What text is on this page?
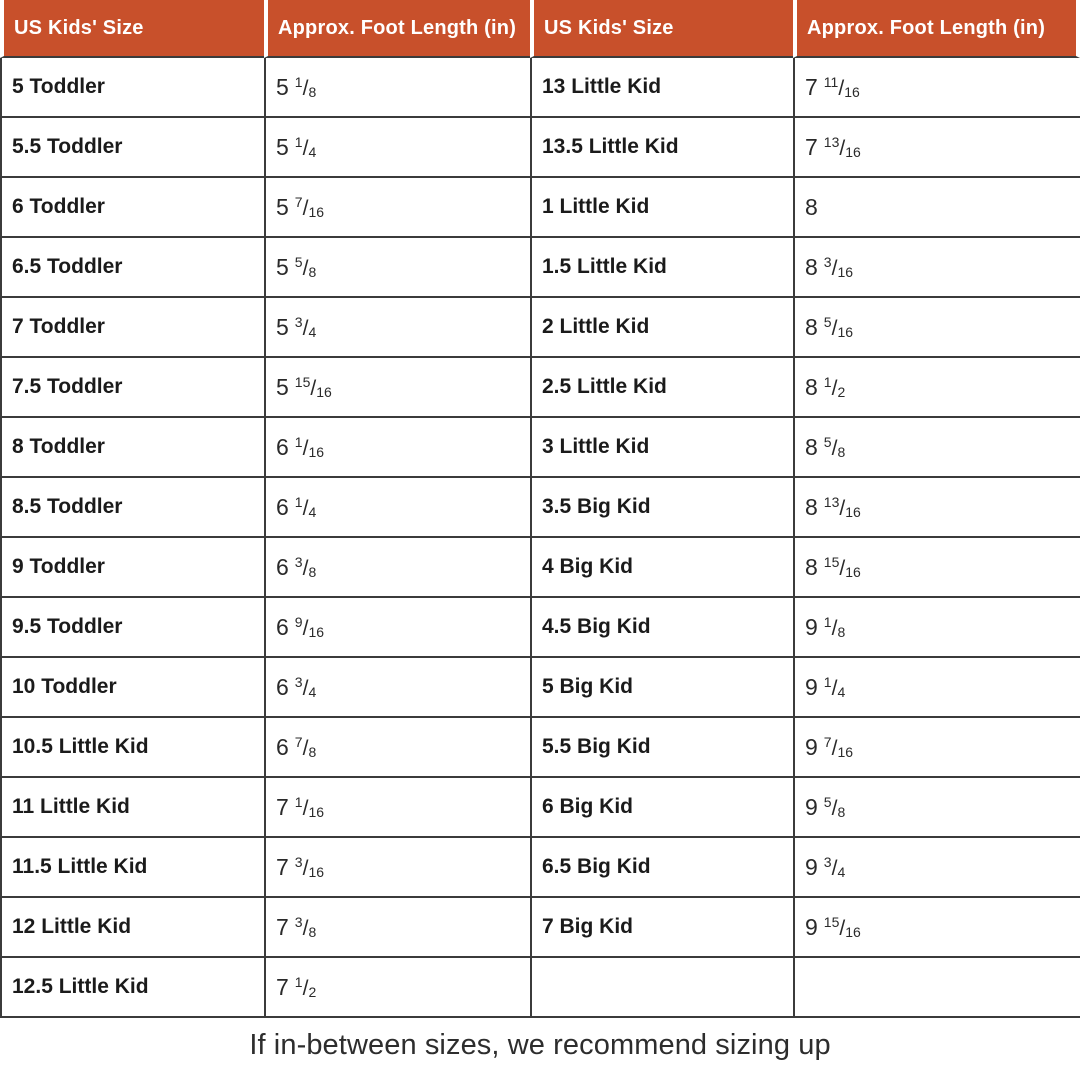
US Kids' Size	Approx. Foot Length (in)	US Kids' Size	Approx. Foot Length (in)
5 Toddler	5 $^1$/8	13 Little Kid	7 $^{11}$/16
5.5 Toddler	5 $^1$/4	13.5 Little Kid	7 $^{13}$/16
6 Toddler	5 $^7$/16	1 Little Kid	8
6.5 Toddler	5 $^5$/8	1.5 Little Kid	8 $^3$/16
7 Toddler	5 $^3$/4	2 Little Kid	8 $^5$/16
7.5 Toddler	5 $^{15}$/16	2.5 Little Kid	8 $^1$/2
8 Toddler	6 $^1$/16	3 Little Kid	8 $^5$/8
8.5 Toddler	6 $^1$/4	3.5 Big Kid	8 $^{13}$/16
9 Toddler	6 $^3$/8	4 Big Kid	8 $^{15}$/16
9.5 Toddler	6 $^9$/16	4.5 Big Kid	9 $^1$/8
10 Toddler	6 $^3$/4	5 Big Kid	9 $^1$/4
10.5 Little Kid	6 $^7$/8	5.5 Big Kid	9 $^7$/16
11 Little Kid	7 $^1$/16	6 Big Kid	9 $^5$/8
11.5 Little Kid	7 $^3$/16	6.5 Big Kid	9 $^3$/4
12 Little Kid	7 $^3$/8	7 Big Kid	9 $^{15}$/16
12.5 Little Kid	7 $^1$/2
If in-between sizes, we recommend sizing up
